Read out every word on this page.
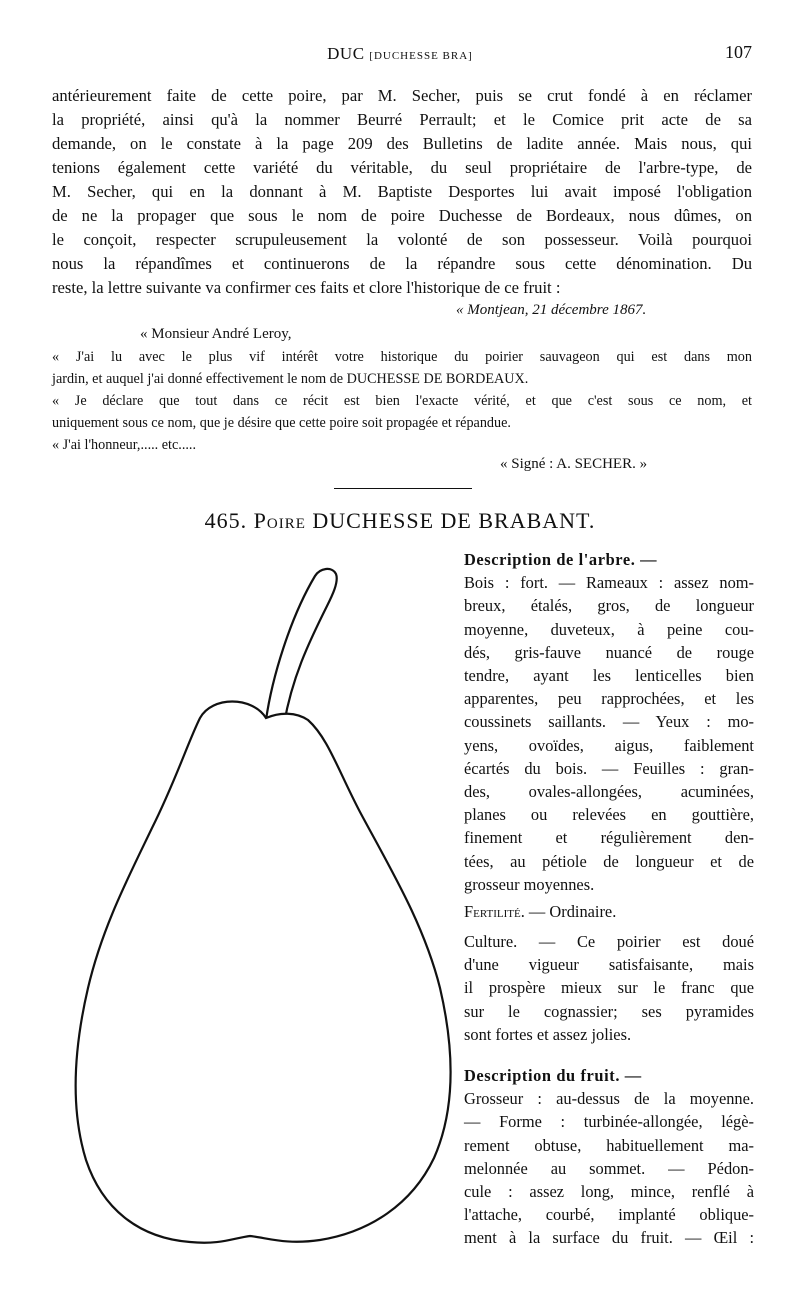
DUC [DUCHESSE BRA]	107
antérieurement faite de cette poire, par M. Secher, puis se crut fondé à en réclamer
la propriété, ainsi qu'à la nommer Beurré Perrault; et le Comice prit acte de sa
demande, on le constate à la page 209 des Bulletins de ladite année. Mais nous, qui
tenions également cette variété du véritable, du seul propriétaire de l'arbre-type, de
M. Secher, qui en la donnant à M. Baptiste Desportes lui avait imposé l'obligation
de ne la propager que sous le nom de poire Duchesse de Bordeaux, nous dûmes, on
le conçoit, respecter scrupuleusement la volonté de son possesseur. Voilà pourquoi
nous la répandîmes et continuerons de la répandre sous cette dénomination. Du
reste, la lettre suivante va confirmer ces faits et clore l'historique de ce fruit :
« Montjean, 21 décembre 1867.
« Monsieur André Leroy,
« J'ai lu avec le plus vif intérêt votre historique du poirier sauvageon qui est dans mon
jardin, et auquel j'ai donné effectivement le nom de DUCHESSE DE BORDEAUX.
« Je déclare que tout dans ce récit est bien l'exacte vérité, et que c'est sous ce nom, et
uniquement sous ce nom, que je désire que cette poire soit propagée et répandue.
« J'ai l'honneur,..... etc.....
« Signé : A. SECHER. »
465. Poire DUCHESSE DE BRABANT.
Description de l'arbre. —
Bois : fort. — Rameaux : assez nom-
breux, étalés, gros, de longueur
moyenne, duveteux, à peine cou-
dés, gris-fauve nuancé de rouge
tendre, ayant les lenticelles bien
apparentes, peu rapprochées, et les
coussinets saillants. — Yeux : mo-
yens, ovoïdes, aigus, faiblement
écartés du bois. — Feuilles : gran-
des, ovales-allongées, acuminées,
planes ou relevées en gouttière,
finement et régulièrement den-
tées, au pétiole de longueur et de
grosseur moyennes.
Fertilité. — Ordinaire.
Culture. — Ce poirier est doué
d'une vigueur satisfaisante, mais
il prospère mieux sur le franc que
sur le cognassier; ses pyramides
sont fortes et assez jolies.
Description du fruit. —
Grosseur : au-dessus de la moyenne.
— Forme : turbinée-allongée, légè-
rement obtuse, habituellement ma-
melonnée au sommet. — Pédon-
cule : assez long, mince, renflé à
l'attache, courbé, implanté oblique-
ment à la surface du fruit. — Œil :
